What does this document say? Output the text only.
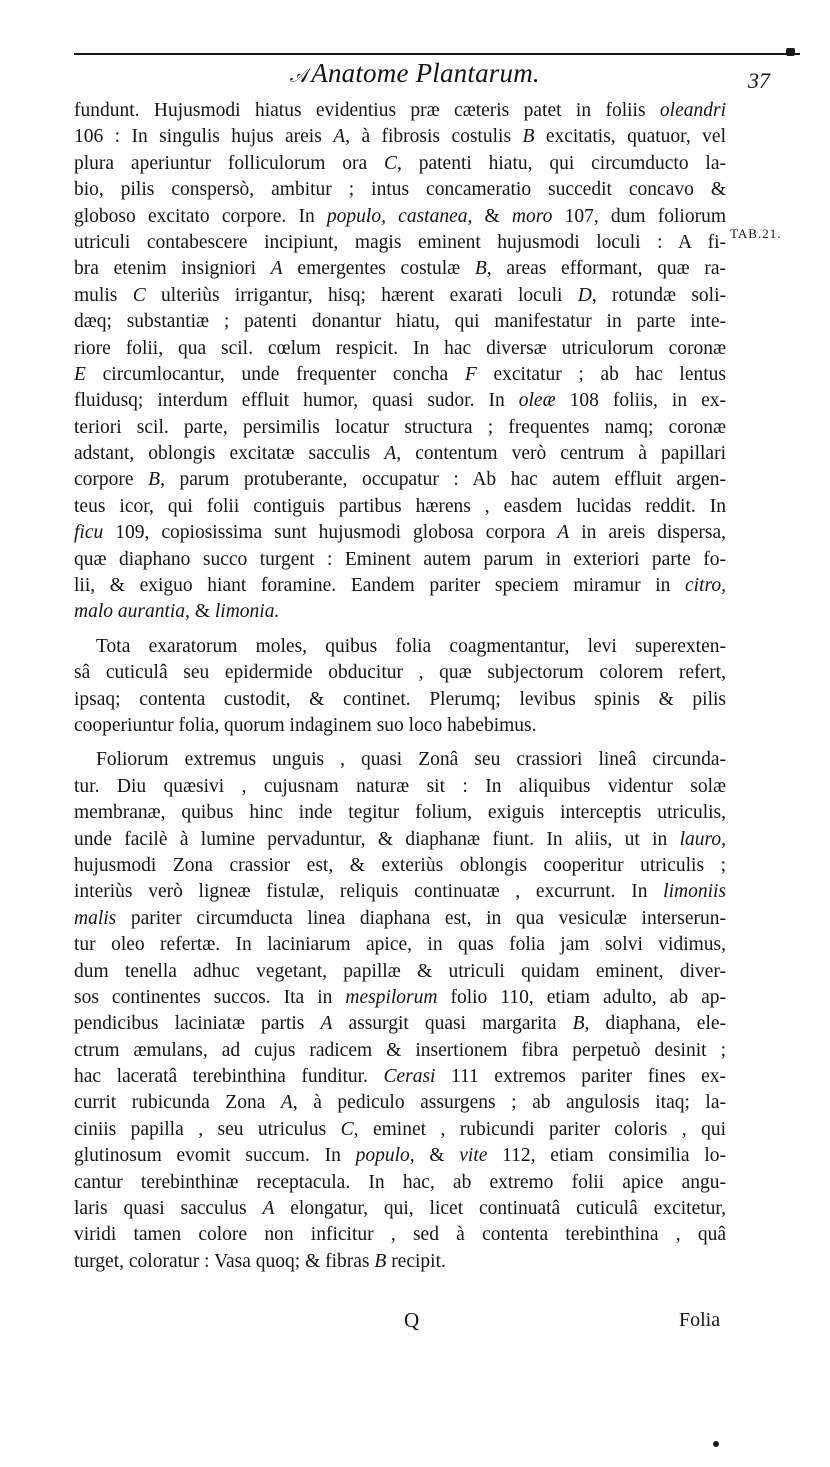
𝒜Anatome Plantarum.	37
TAB.21.
fundunt. Hujusmodi hiatus evidentius præ cæteris patet in foliis oleandri
106 : In singulis hujus areis A, à fibrosis costulis B excitatis, quatuor, vel
plura aperiuntur folliculorum ora C, patenti hiatu, qui circumducto la-
bio, pilis conspersò, ambitur ; intus concameratio succedit concavo &
globoso excitato corpore. In populo, castanea, & moro 107, dum foliorum
utriculi contabescere incipiunt, magis eminent hujusmodi loculi : A fi-
bra etenim insigniori A emergentes costulæ B, areas efformant, quæ ra-
mulis C ulteriùs irrigantur, hisq; hærent exarati loculi D, rotundæ soli-
dæq; substantiæ ; patenti donantur hiatu, qui manifestatur in parte inte-
riore folii, qua scil. cœlum respicit. In hac diversæ utriculorum coronæ
E circumlocantur, unde frequenter concha F excitatur ; ab hac lentus
fluidusq; interdum effluit humor, quasi sudor. In oleæ 108 foliis, in ex-
teriori scil. parte, persimilis locatur structura ; frequentes namq; coronæ
adstant, oblongis excitatæ sacculis A, contentum verò centrum à papillari
corpore B, parum protuberante, occupatur : Ab hac autem effluit argen-
teus icor, qui folii contiguis partibus hærens , easdem lucidas reddit. In
ficu 109, copiosissima sunt hujusmodi globosa corpora A in areis dispersa,
quæ diaphano succo turgent : Eminent autem parum in exteriori parte fo-
lii, & exiguo hiant foramine. Eandem pariter speciem miramur in citro,
malo aurantia, & limonia.
Tota exaratorum moles, quibus folia coagmentantur, levi superexten-
sâ cuticulâ seu epidermide obducitur , quæ subjectorum colorem refert,
ipsaq; contenta custodit, & continet. Plerumq; levibus spinis & pilis
cooperiuntur folia, quorum indaginem suo loco habebimus.
Foliorum extremus unguis , quasi Zonâ seu crassiori lineâ circunda-
tur. Diu quæsivi , cujusnam naturæ sit : In aliquibus videntur solæ
membranæ, quibus hinc inde tegitur folium, exiguis interceptis utriculis,
unde facilè à lumine pervaduntur, & diaphanæ fiunt. In aliis, ut in lauro,
hujusmodi Zona crassior est, & exteriùs oblongis cooperitur utriculis ;
interiùs verò ligneæ fistulæ, reliquis continuatæ , excurrunt. In limoniis
malis pariter circumducta linea diaphana est, in qua vesiculæ interserun-
tur oleo refertæ. In laciniarum apice, in quas folia jam solvi vidimus,
dum tenella adhuc vegetant, papillæ & utriculi quidam eminent, diver-
sos continentes succos. Ita in mespilorum folio 110, etiam adulto, ab ap-
pendicibus laciniatæ partis A assurgit quasi margarita B, diaphana, ele-
ctrum æmulans, ad cujus radicem & insertionem fibra perpetuò desinit ;
hac laceratâ terebinthina funditur. Cerasi 111 extremos pariter fines ex-
currit rubicunda Zona A, à pediculo assurgens ; ab angulosis itaq; la-
ciniis papilla , seu utriculus C, eminet , rubicundi pariter coloris , qui
glutinosum evomit succum. In populo, & vite 112, etiam consimilia lo-
cantur terebinthinæ receptacula. In hac, ab extremo folii apice angu-
laris quasi sacculus A elongatur, qui, licet continuatâ cuticulâ excitetur,
viridi tamen colore non inficitur , sed à contenta terebinthina , quâ
turget, coloratur : Vasa quoq; & fibras B recipit.
Q	Folia
